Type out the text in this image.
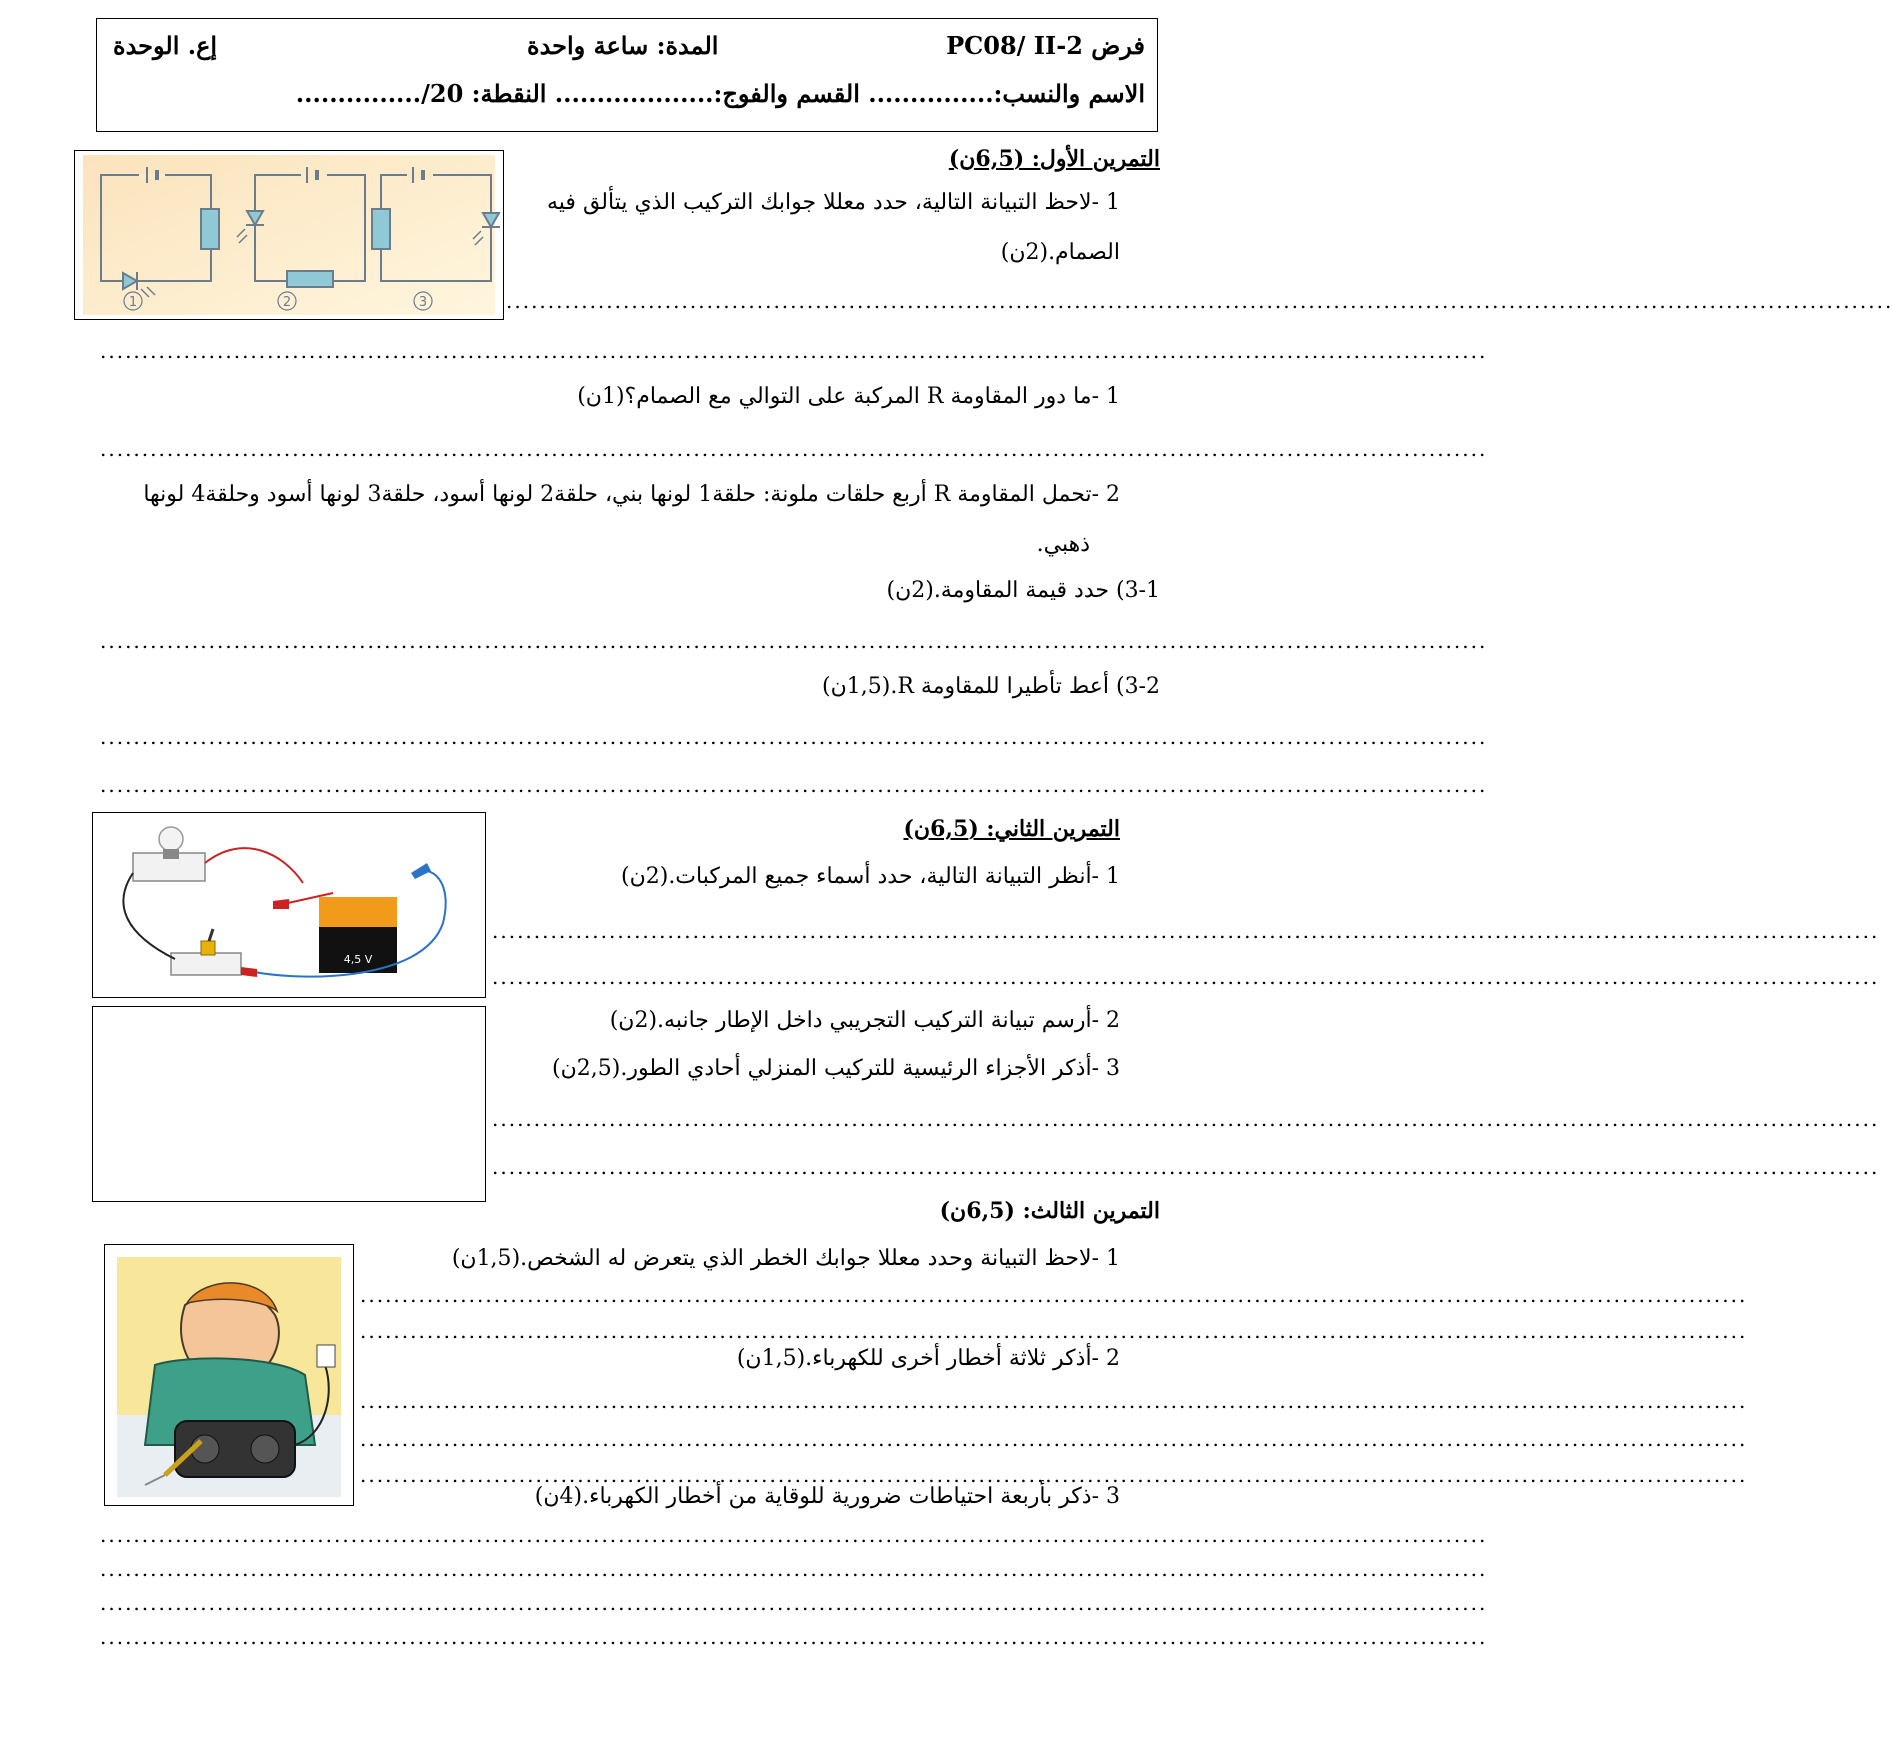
فرض PC08/ II-2
المدة: ساعة واحدة
إع. الوحدة
الاسم والنسب:............... القسم والفوج:................... النقطة: 20/...............
التمرين الأول: (6,5ن)
1	2	3
1 -لاحظ التبيانة التالية، حدد معللا جوابك التركيب الذي يتألق فيه
الصمام.(2ن)
......................................................................................................................................................................
......................................................................................................................................................................
1 -ما دور المقاومة R المركبة على التوالي مع الصمام؟(1ن)
......................................................................................................................................................................
2 -تحمل المقاومة R أربع حلقات ملونة: حلقة1 لونها بني، حلقة2 لونها أسود، حلقة3 لونها أسود وحلقة4 لونها
ذهبي.
3-1) حدد قيمة المقاومة.(2ن)
......................................................................................................................................................................
3-2) أعط تأطيرا للمقاومة R.(1,5ن)
......................................................................................................................................................................
......................................................................................................................................................................
4,5 V
التمرين الثاني: (6,5ن)
1 -أنظر التبيانة التالية، حدد أسماء جميع المركبات.(2ن)
......................................................................................................................................................................
......................................................................................................................................................................
2 -أرسم تبيانة التركيب التجريبي داخل الإطار جانبه.(2ن)
3 -أذكر الأجزاء الرئيسية للتركيب المنزلي أحادي الطور.(2,5ن)
......................................................................................................................................................................
......................................................................................................................................................................
التمرين الثالث: (6,5ن)
1 -لاحظ التبيانة وحدد معللا جوابك الخطر الذي يتعرض له الشخص.(1,5ن)
......................................................................................................................................................................
......................................................................................................................................................................
2 -أذكر ثلاثة أخطار أخرى للكهرباء.(1,5ن)
......................................................................................................................................................................
......................................................................................................................................................................
......................................................................................................................................................................
3 -ذكر بأربعة احتياطات ضرورية للوقاية من أخطار الكهرباء.(4ن)
......................................................................................................................................................................
......................................................................................................................................................................
......................................................................................................................................................................
......................................................................................................................................................................
